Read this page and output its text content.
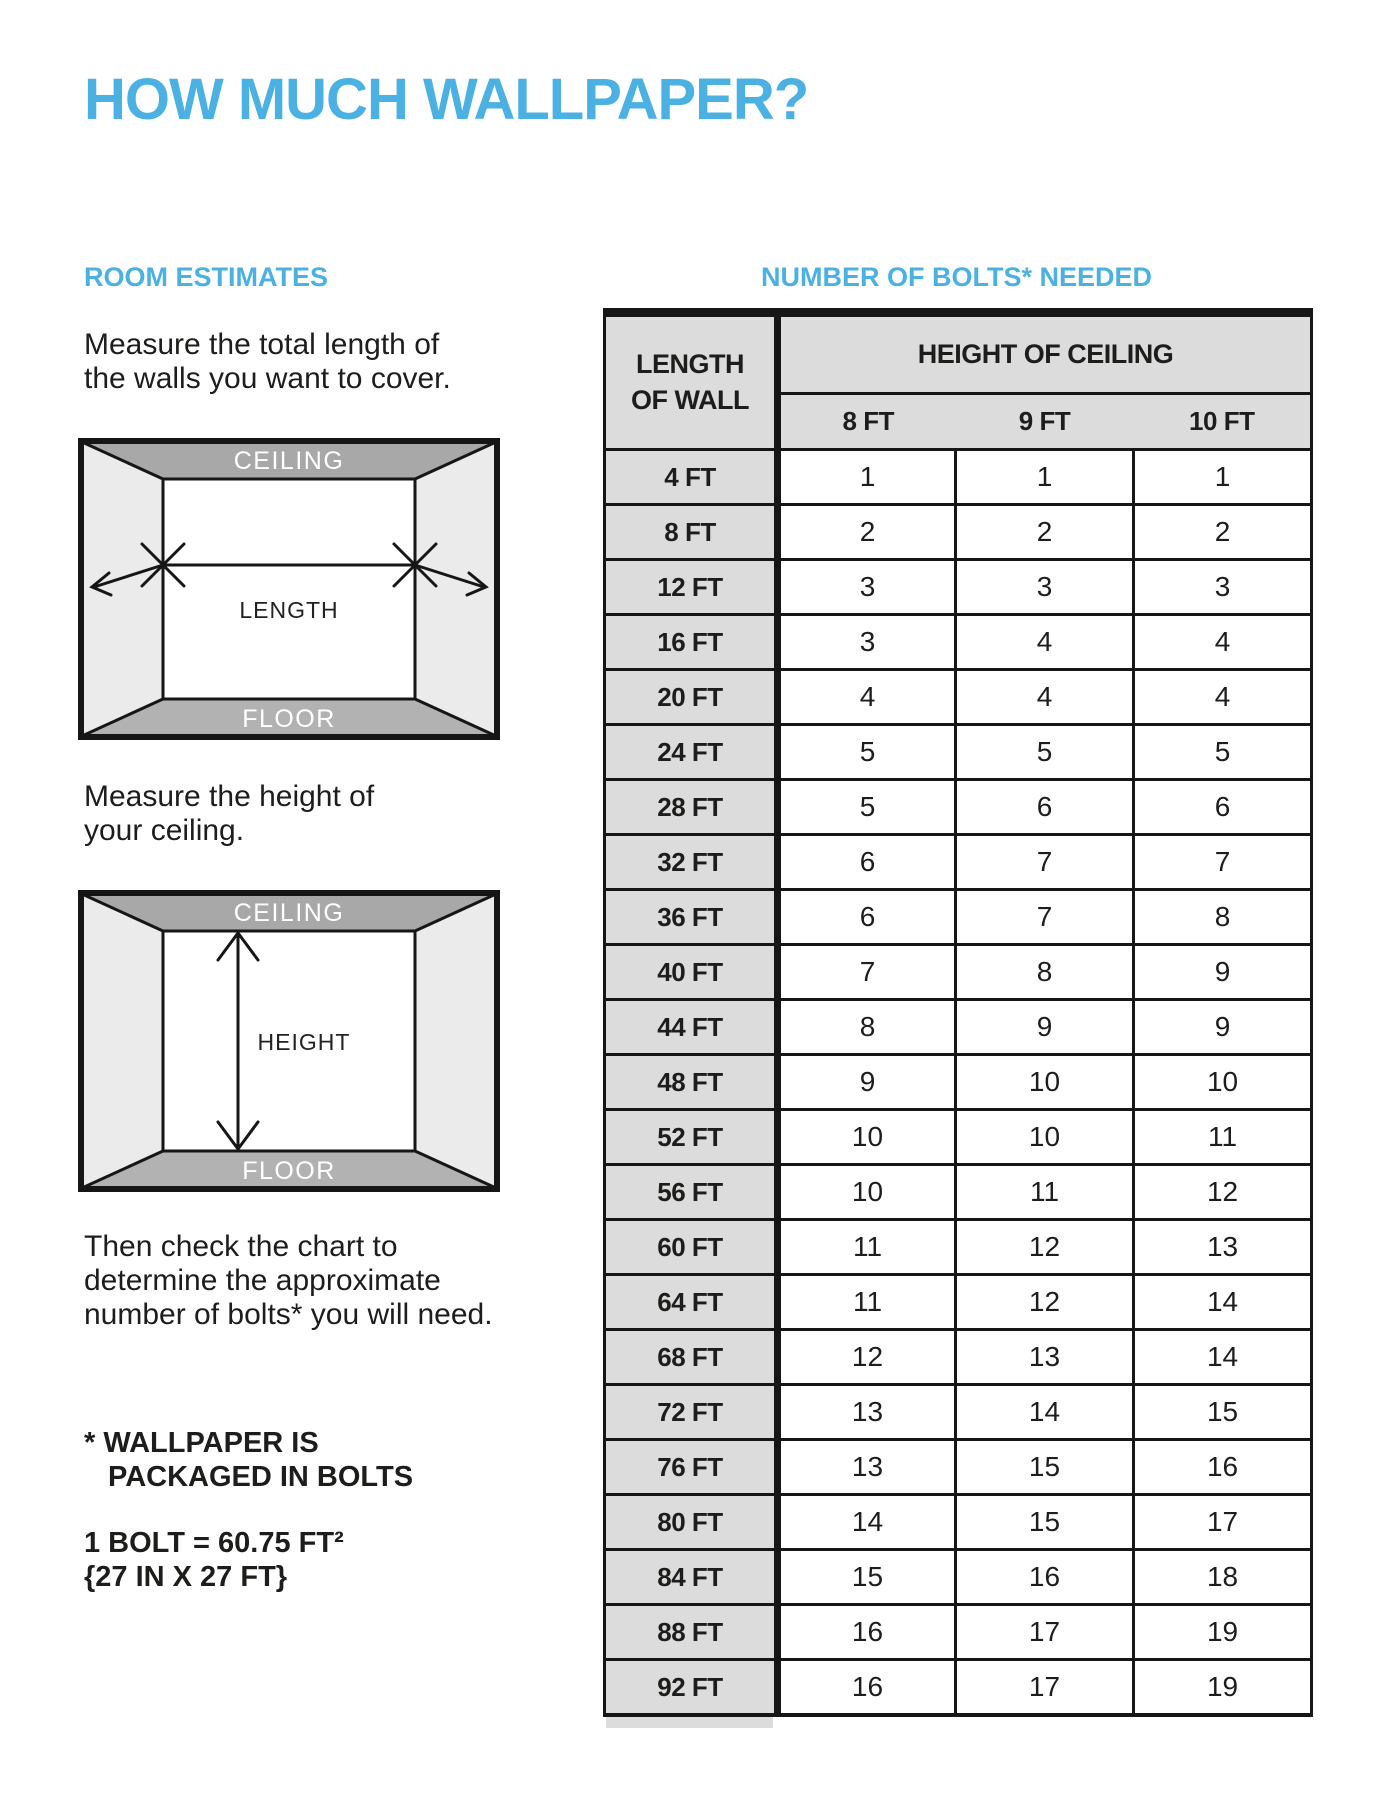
HOW MUCH WALLPAPER?
ROOM ESTIMATES	NUMBER OF BOLTS* NEEDED

Measure the total length of
the walls you want to cover.

CEILING
FLOOR
LENGTH

Measure the height of
your ceiling.

CEILING
FLOOR
HEIGHT

Then check the chart to
determine the approximate
number of bolts* you will need.

* WALLPAPER IS
PACKAGED IN BOLTS

1 BOLT = 60.75 FT²
{27 IN X 27 FT}

LENGTH
OF WALL	HEIGHT OF CEILING		
	8 FT	9 FT	10 FT
4 FT	1	1	1
8 FT	2	2	2
12 FT	3	3	3
16 FT	3	4	4
20 FT	4	4	4
24 FT	5	5	5
28 FT	5	6	6
32 FT	6	7	7
36 FT	6	7	8
40 FT	7	8	9
44 FT	8	9	9
48 FT	9	10	10
52 FT	10	10	11
56 FT	10	11	12
60 FT	11	12	13
64 FT	11	12	14
68 FT	12	13	14
72 FT	13	14	15
76 FT	13	15	16
80 FT	14	15	17
84 FT	15	16	18
88 FT	16	17	19
92 FT	16	17	19
